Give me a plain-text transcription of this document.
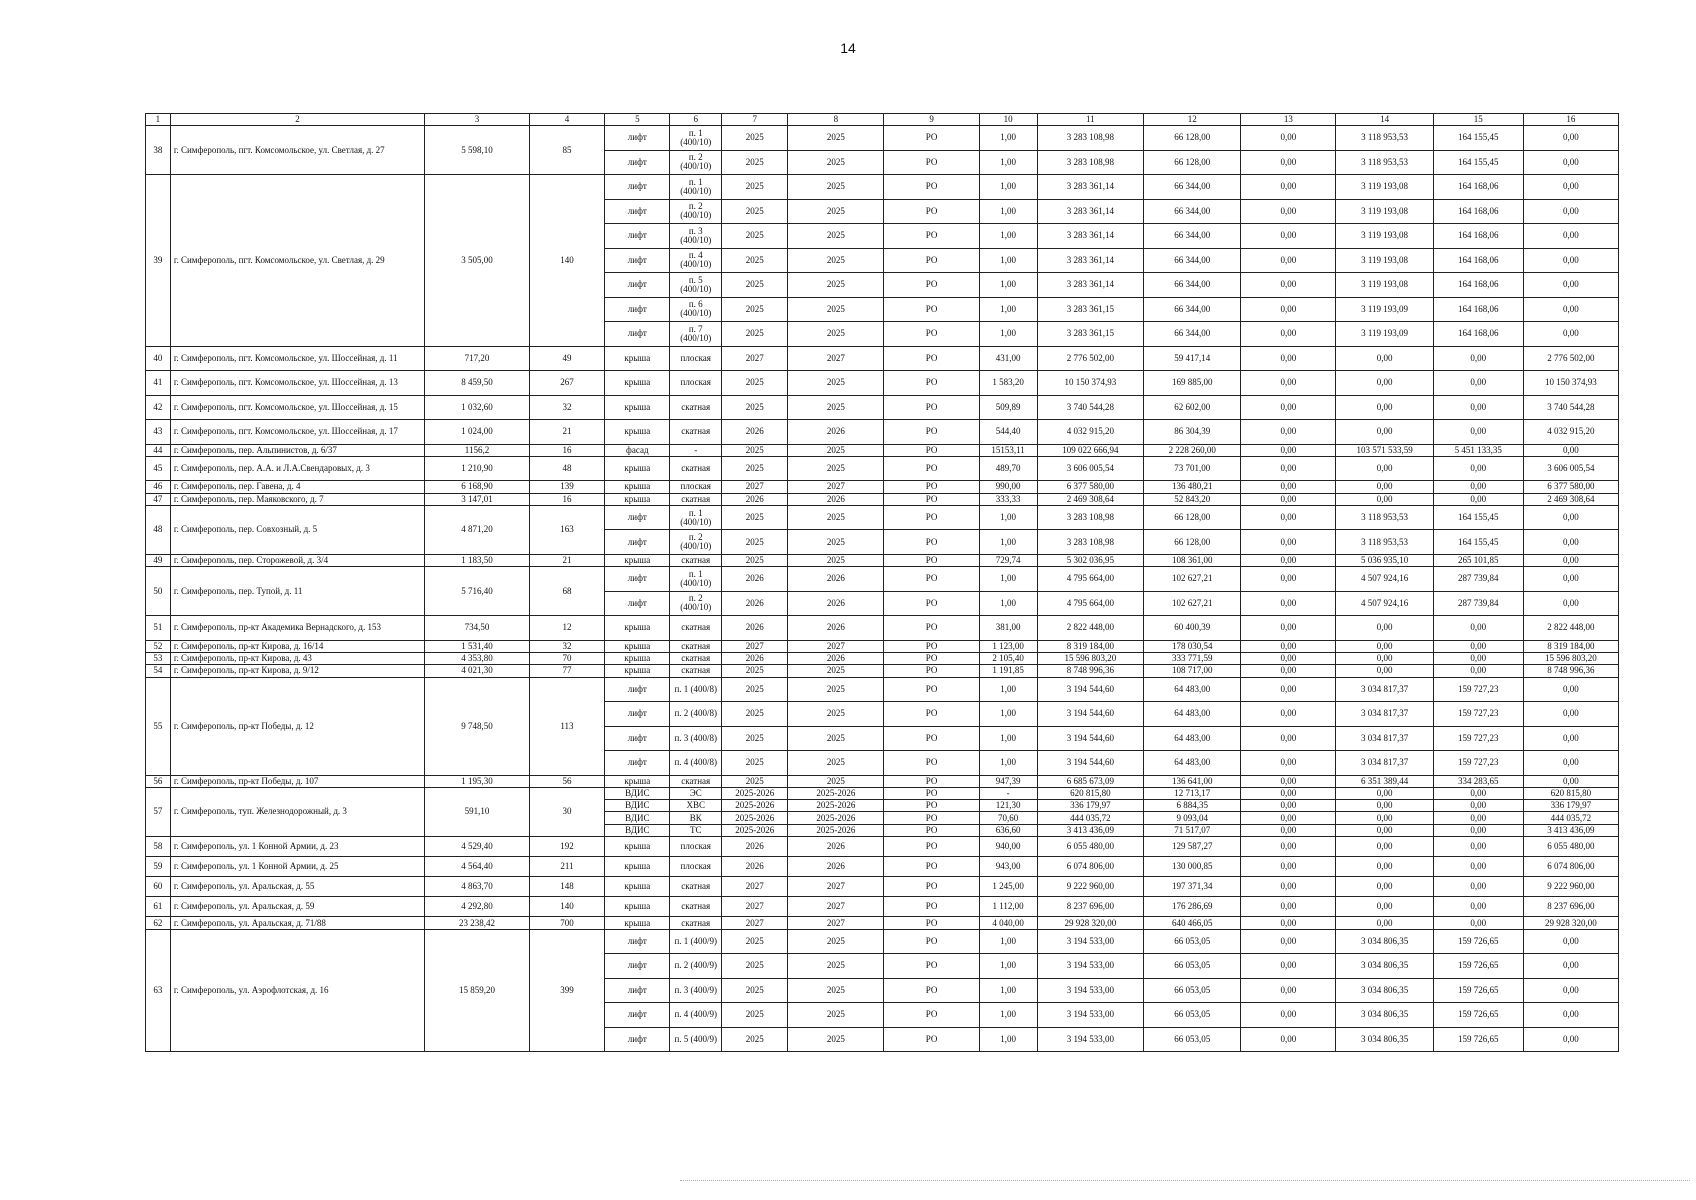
14
1	2	3	4	5	6	7	8	9	10	11	12	13	14	15	16
38	г. Симферополь, пгт. Комсомольское, ул. Светлая, д. 27	5 598,10	85	лифт	п. 1 (400/10)	2025	2025	РО	1,00	3 283 108,98	66 128,00	0,00	3 118 953,53	164 155,45	0,00
				лифт	п. 2 (400/10)	2025	2025	РО	1,00	3 283 108,98	66 128,00	0,00	3 118 953,53	164 155,45	0,00
39	г. Симферополь, пгт. Комсомольское, ул. Светлая, д. 29	3 505,00	140	лифт	п. 1 (400/10)	2025	2025	РО	1,00	3 283 361,14	66 344,00	0,00	3 119 193,08	164 168,06	0,00
				лифт	п. 2 (400/10)	2025	2025	РО	1,00	3 283 361,14	66 344,00	0,00	3 119 193,08	164 168,06	0,00
				лифт	п. 3 (400/10)	2025	2025	РО	1,00	3 283 361,14	66 344,00	0,00	3 119 193,08	164 168,06	0,00
				лифт	п. 4 (400/10)	2025	2025	РО	1,00	3 283 361,14	66 344,00	0,00	3 119 193,08	164 168,06	0,00
				лифт	п. 5 (400/10)	2025	2025	РО	1,00	3 283 361,14	66 344,00	0,00	3 119 193,08	164 168,06	0,00
				лифт	п. 6 (400/10)	2025	2025	РО	1,00	3 283 361,15	66 344,00	0,00	3 119 193,09	164 168,06	0,00
				лифт	п. 7 (400/10)	2025	2025	РО	1,00	3 283 361,15	66 344,00	0,00	3 119 193,09	164 168,06	0,00
40	г. Симферополь, пгт. Комсомольское, ул. Шоссейная, д. 11	717,20	49	крыша	плоская	2027	2027	РО	431,00	2 776 502,00	59 417,14	0,00	0,00	0,00	2 776 502,00
41	г. Симферополь, пгт. Комсомольское, ул. Шоссейная, д. 13	8 459,50	267	крыша	плоская	2025	2025	РО	1 583,20	10 150 374,93	169 885,00	0,00	0,00	0,00	10 150 374,93
42	г. Симферополь, пгт. Комсомольское, ул. Шоссейная, д. 15	1 032,60	32	крыша	скатная	2025	2025	РО	509,89	3 740 544,28	62 602,00	0,00	0,00	0,00	3 740 544,28
43	г. Симферополь, пгт. Комсомольское, ул. Шоссейная, д. 17	1 024,00	21	крыша	скатная	2026	2026	РО	544,40	4 032 915,20	86 304,39	0,00	0,00	0,00	4 032 915,20
44	г. Симферополь, пер. Альпинистов, д. 6/37	1156,2	16	фасад	-	2025	2025	РО	15153,11	109 022 666,94	2 228 260,00	0,00	103 571 533,59	5 451 133,35	0,00
45	г. Симферополь, пер. А.А. и Л.А.Свендаровых, д. 3	1 210,90	48	крыша	скатная	2025	2025	РО	489,70	3 606 005,54	73 701,00	0,00	0,00	0,00	3 606 005,54
46	г. Симферополь, пер. Гавена, д. 4	6 168,90	139	крыша	плоская	2027	2027	РО	990,00	6 377 580,00	136 480,21	0,00	0,00	0,00	6 377 580,00
47	г. Симферополь, пер. Маяковского, д. 7	3 147,01	16	крыша	скатная	2026	2026	РО	333,33	2 469 308,64	52 843,20	0,00	0,00	0,00	2 469 308,64
48	г. Симферополь, пер. Совхозный, д. 5	4 871,20	163	лифт	п. 1 (400/10)	2025	2025	РО	1,00	3 283 108,98	66 128,00	0,00	3 118 953,53	164 155,45	0,00
				лифт	п. 2 (400/10)	2025	2025	РО	1,00	3 283 108,98	66 128,00	0,00	3 118 953,53	164 155,45	0,00
49	г. Симферополь, пер. Сторожевой, д. 3/4	1 183,50	21	крыша	скатная	2025	2025	РО	729,74	5 302 036,95	108 361,00	0,00	5 036 935,10	265 101,85	0,00
50	г. Симферополь, пер. Тупой, д. 11	5 716,40	68	лифт	п. 1 (400/10)	2026	2026	РО	1,00	4 795 664,00	102 627,21	0,00	4 507 924,16	287 739,84	0,00
				лифт	п. 2 (400/10)	2026	2026	РО	1,00	4 795 664,00	102 627,21	0,00	4 507 924,16	287 739,84	0,00
51	г. Симферополь, пр-кт Академика Вернадского, д. 153	734,50	12	крыша	скатная	2026	2026	РО	381,00	2 822 448,00	60 400,39	0,00	0,00	0,00	2 822 448,00
52	г. Симферополь, пр-кт Кирова, д. 16/14	1 531,40	32	крыша	скатная	2027	2027	РО	1 123,00	8 319 184,00	178 030,54	0,00	0,00	0,00	8 319 184,00
53	г. Симферополь, пр-кт Кирова, д. 43	4 353,80	70	крыша	скатная	2026	2026	РО	2 105,40	15 596 803,20	333 771,59	0,00	0,00	0,00	15 596 803,20
54	г. Симферополь, пр-кт Кирова, д. 9/12	4 021,30	77	крыша	скатная	2025	2025	РО	1 191,85	8 748 996,36	108 717,00	0,00	0,00	0,00	8 748 996,36
55	г. Симферополь, пр-кт Победы, д. 12	9 748,50	113	лифт	п. 1 (400/8)	2025	2025	РО	1,00	3 194 544,60	64 483,00	0,00	3 034 817,37	159 727,23	0,00
				лифт	п. 2 (400/8)	2025	2025	РО	1,00	3 194 544,60	64 483,00	0,00	3 034 817,37	159 727,23	0,00
				лифт	п. 3 (400/8)	2025	2025	РО	1,00	3 194 544,60	64 483,00	0,00	3 034 817,37	159 727,23	0,00
				лифт	п. 4 (400/8)	2025	2025	РО	1,00	3 194 544,60	64 483,00	0,00	3 034 817,37	159 727,23	0,00
56	г. Симферополь, пр-кт Победы, д. 107	1 195,30	56	крыша	скатная	2025	2025	РО	947,39	6 685 673,09	136 641,00	0,00	6 351 389,44	334 283,65	0,00
57	г. Симферополь, туп. Железнодорожный, д. 3	591,10	30	ВДИС	ЭС	2025-2026	2025-2026	РО	-	620 815,80	12 713,17	0,00	0,00	0,00	620 815,80
				ВДИС	ХВС	2025-2026	2025-2026	РО	121,30	336 179,97	6 884,35	0,00	0,00	0,00	336 179,97
				ВДИС	ВК	2025-2026	2025-2026	РО	70,60	444 035,72	9 093,04	0,00	0,00	0,00	444 035,72
				ВДИС	ТС	2025-2026	2025-2026	РО	636,60	3 413 436,09	71 517,07	0,00	0,00	0,00	3 413 436,09
58	г. Симферополь, ул. 1 Конной Армии, д. 23	4 529,40	192	крыша	плоская	2026	2026	РО	940,00	6 055 480,00	129 587,27	0,00	0,00	0,00	6 055 480,00
59	г. Симферополь, ул. 1 Конной Армии, д. 25	4 564,40	211	крыша	плоская	2026	2026	РО	943,00	6 074 806,00	130 000,85	0,00	0,00	0,00	6 074 806,00
60	г. Симферополь, ул. Аральская, д. 55	4 863,70	148	крыша	скатная	2027	2027	РО	1 245,00	9 222 960,00	197 371,34	0,00	0,00	0,00	9 222 960,00
61	г. Симферополь, ул. Аральская, д. 59	4 292,80	140	крыша	скатная	2027	2027	РО	1 112,00	8 237 696,00	176 286,69	0,00	0,00	0,00	8 237 696,00
62	г. Симферополь, ул. Аральская, д. 71/88	23 238,42	700	крыша	скатная	2027	2027	РО	4 040,00	29 928 320,00	640 466,05	0,00	0,00	0,00	29 928 320,00
63	г. Симферополь, ул. Аэрофлотская, д. 16	15 859,20	399	лифт	п. 1 (400/9)	2025	2025	РО	1,00	3 194 533,00	66 053,05	0,00	3 034 806,35	159 726,65	0,00
				лифт	п. 2 (400/9)	2025	2025	РО	1,00	3 194 533,00	66 053,05	0,00	3 034 806,35	159 726,65	0,00
				лифт	п. 3 (400/9)	2025	2025	РО	1,00	3 194 533,00	66 053,05	0,00	3 034 806,35	159 726,65	0,00
				лифт	п. 4 (400/9)	2025	2025	РО	1,00	3 194 533,00	66 053,05	0,00	3 034 806,35	159 726,65	0,00
				лифт	п. 5 (400/9)	2025	2025	РО	1,00	3 194 533,00	66 053,05	0,00	3 034 806,35	159 726,65	0,00
